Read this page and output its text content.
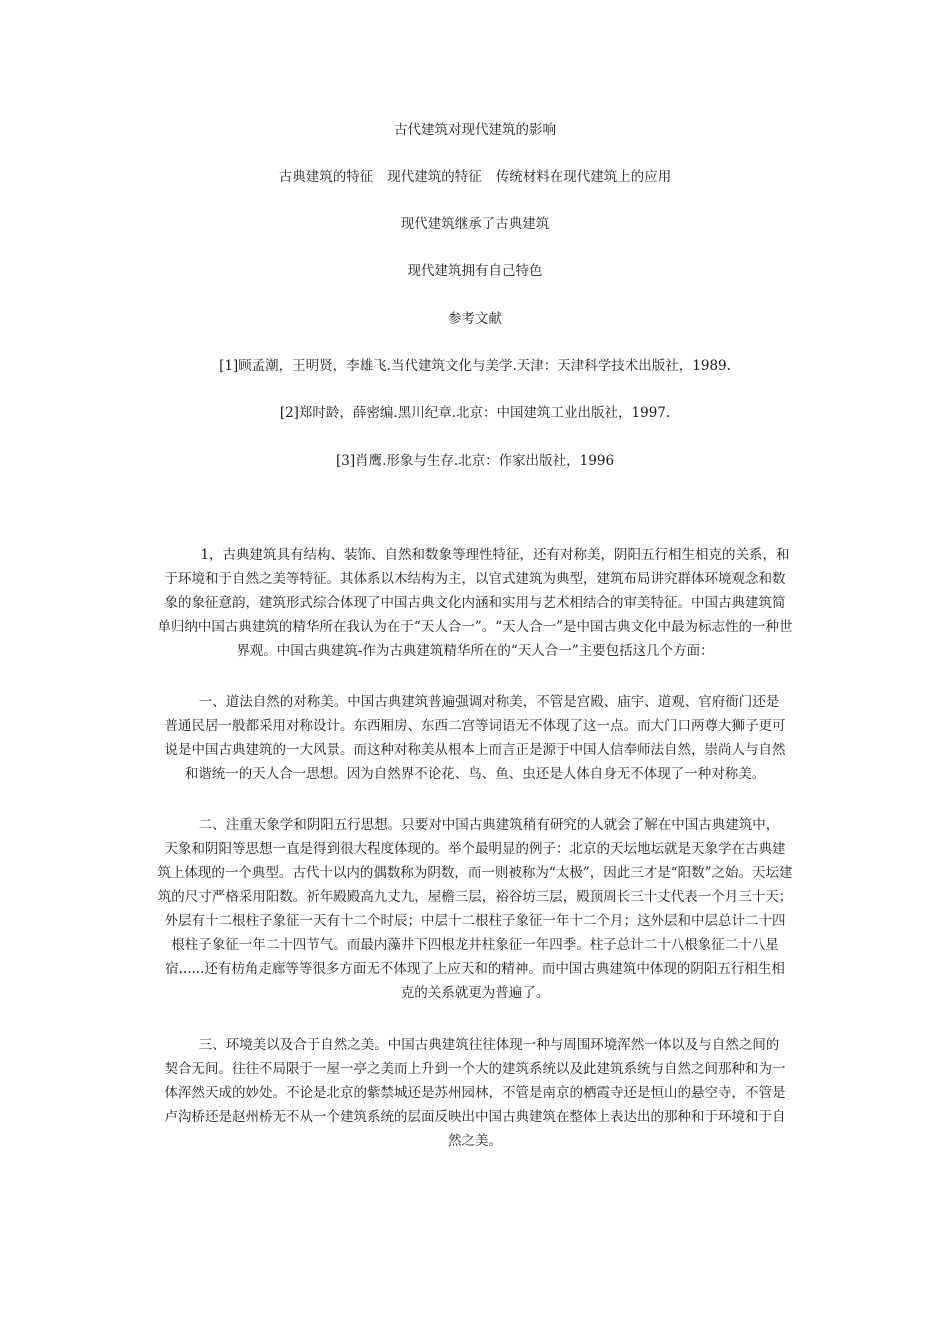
古代建筑对现代建筑的影响
古典建筑的特征 现代建筑的特征 传统材料在现代建筑上的应用
现代建筑继承了古典建筑
现代建筑拥有自己特色
参考文献
[1]顾孟潮，王明贤，李雄飞.当代建筑文化与美学.天津：天津科学技术出版社，1989.
[2]郑时龄，薛密编.黑川纪章.北京：中国建筑工业出版社，1997.
[3]肖鹰.形象与生存.北京：作家出版社，1996
1，古典建筑具有结构、装饰、自然和数象等理性特征，还有对称美，阴阳五行相生相克的关系，和
于环境和于自然之美等特征。其体系以木结构为主，以官式建筑为典型，建筑布局讲究群体环境观念和数
象的象征意韵，建筑形式综合体现了中国古典文化内涵和实用与艺术相结合的审美特征。中国古典建筑简
单归纳中国古典建筑的精华所在我认为在于“天人合一”。“天人合一”是中国古典文化中最为标志性的一种世
界观。中国古典建筑-作为古典建筑精华所在的“天人合一”主要包括这几个方面：
一、道法自然的对称美。中国古典建筑普遍强调对称美，不管是宫殿、庙宇、道观、官府衙门还是
普通民居一般都采用对称设计。东西厢房、东西二宫等词语无不体现了这一点。而大门口两尊大狮子更可
说是中国古典建筑的一大风景。而这种对称美从根本上而言正是源于中国人信奉师法自然，崇尚人与自然
和谐统一的天人合一思想。因为自然界不论花、鸟、鱼、虫还是人体自身无不体现了一种对称美。
二、注重天象学和阴阳五行思想。只要对中国古典建筑稍有研究的人就会了解在中国古典建筑中，
天象和阴阳等思想一直是得到很大程度体现的。举个最明显的例子：北京的天坛地坛就是天象学在古典建
筑上体现的一个典型。古代十以内的偶数称为阴数，而一则被称为“太极”，因此三才是“阳数”之始。天坛建
筑的尺寸严格采用阳数。祈年殿殿高九丈九，屋檐三层，裕谷坊三层，殿顶周长三十丈代表一个月三十天；
外层有十二根柱子象征一天有十二个时辰；中层十二根柱子象征一年十二个月；这外层和中层总计二十四
根柱子象征一年二十四节气。而最内藻井下四根龙井柱象征一年四季。柱子总计二十八根象征二十八星
宿......还有枋角走廊等等很多方面无不体现了上应天和的精神。而中国古典建筑中体现的阴阳五行相生相
克的关系就更为普遍了。
三、环境美以及合于自然之美。中国古典建筑往往体现一种与周围环境浑然一体以及与自然之间的
契合无间。往往不局限于一屋一亭之美而上升到一个大的建筑系统以及此建筑系统与自然之间那种和为一
体浑然天成的妙处。不论是北京的紫禁城还是苏州园林，不管是南京的栖霞寺还是恒山的悬空寺，不管是
卢沟桥还是赵州桥无不从一个建筑系统的层面反映出中国古典建筑在整体上表达出的那种和于环境和于自
然之美。
